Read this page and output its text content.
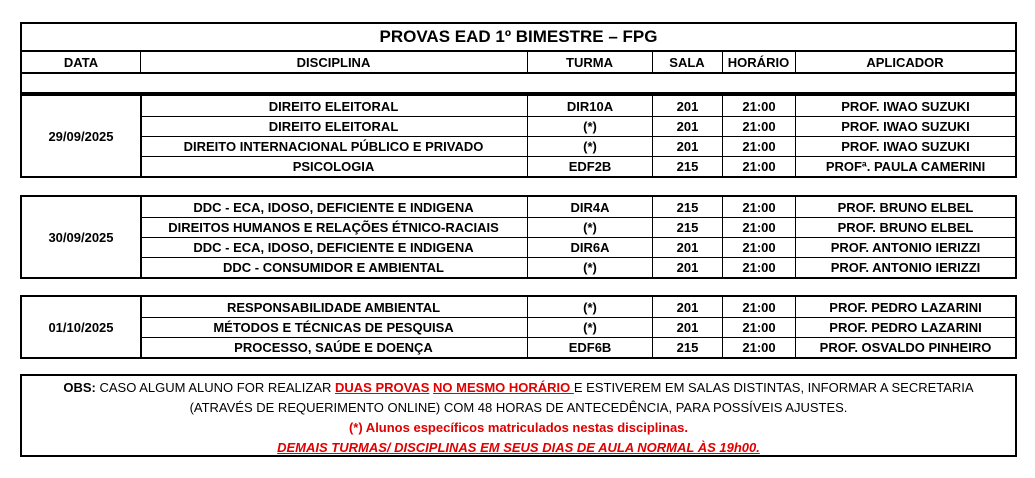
PROVAS EAD 1º BIMESTRE – FPG
DATA	DISCIPLINA	TURMA	SALA	HORÁRIO	APLICADOR
29/09/2025
DIREITO ELEITORAL	DIR10A	201	21:00	PROF. IWAO SUZUKI
DIREITO ELEITORAL	(*)	201	21:00	PROF. IWAO SUZUKI
DIREITO INTERNACIONAL PÚBLICO E PRIVADO	(*)	201	21:00	PROF. IWAO SUZUKI
PSICOLOGIA	EDF2B	215	21:00	PROFª. PAULA CAMERINI
30/09/2025
DDC - ECA, IDOSO, DEFICIENTE E INDIGENA	DIR4A	215	21:00	PROF. BRUNO ELBEL
DIREITOS HUMANOS E RELAÇÕES ÉTNICO-RACIAIS	(*)	215	21:00	PROF. BRUNO ELBEL
DDC - ECA, IDOSO, DEFICIENTE E INDIGENA	DIR6A	201	21:00	PROF. ANTONIO IERIZZI
DDC - CONSUMIDOR E AMBIENTAL	(*)	201	21:00	PROF. ANTONIO IERIZZI
01/10/2025
RESPONSABILIDADE AMBIENTAL	(*)	201	21:00	PROF. PEDRO LAZARINI
MÉTODOS E TÉCNICAS DE PESQUISA	(*)	201	21:00	PROF. PEDRO LAZARINI
PROCESSO, SAÚDE E DOENÇA	EDF6B	215	21:00	PROF. OSVALDO PINHEIRO
OBS: CASO ALGUM ALUNO FOR REALIZAR DUAS PROVAS NO MESMO HORÁRIO E ESTIVEREM EM SALAS DISTINTAS, INFORMAR A SECRETARIA
(ATRAVÉS DE REQUERIMENTO ONLINE) COM 48 HORAS DE ANTECEDÊNCIA, PARA POSSÍVEIS AJUSTES.
(*) Alunos específicos matriculados nestas disciplinas.
DEMAIS TURMAS/ DISCIPLINAS EM SEUS DIAS DE AULA NORMAL ÀS 19h00.
